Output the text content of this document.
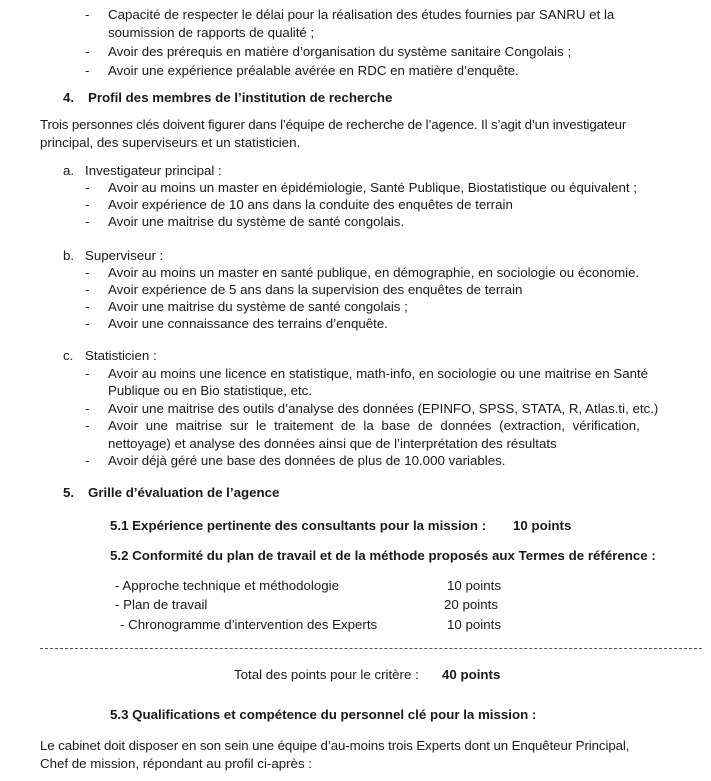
- Capacité de respecter le délai pour la réalisation des études fournies par SANRU et la
soumission de rapports de qualité ;
- Avoir des prérequis en matière d’organisation du système sanitaire Congolais ;
- Avoir une expérience préalable avérée en RDC en matière d’enquête.
4. Profil des membres de l’institution de recherche
Trois personnes clés doivent figurer dans l’équipe de recherche de l’agence. Il s’agit d’un investigateur
principal, des superviseurs et un statisticien.
a. Investigateur principal :
- Avoir au moins un master en épidémiologie, Santé Publique, Biostatistique ou équivalent ;
- Avoir expérience de 10 ans dans la conduite des enquêtes de terrain
- Avoir une maitrise du système de santé congolais.
b. Superviseur :
- Avoir au moins un master en santé publique, en démographie, en sociologie ou économie.
- Avoir expérience de 5 ans dans la supervision des enquêtes de terrain
- Avoir une maitrise du système de santé congolais ;
- Avoir une connaissance des terrains d’enquête.
c. Statisticien :
- Avoir au moins une licence en statistique, math-info, en sociologie ou une maitrise en Santé
Publique ou en Bio statistique, etc.
- Avoir une maitrise des outils d’analyse des données (EPINFO, SPSS, STATA, R, Atlas.ti, etc.)
- Avoir une maitrise sur le traitement de la base de données (extraction, vérification,
nettoyage) et analyse des données ainsi que de l’interprétation des résultats
- Avoir déjà géré une base des données de plus de 10.000 variables.
5. Grille d’évaluation de l’agence
5.1 Expérience pertinente des consultants pour la mission : 10 points
5.2 Conformité du plan de travail et de la méthode proposés aux Termes de référence :
- Approche technique et méthodologie	10 points
- Plan de travail	20 points
- Chronogramme d’intervention des Experts	10 points
Total des points pour le critère : 40 points
5.3 Qualifications et compétence du personnel clé pour la mission :
Le cabinet doit disposer en son sein une équipe d’au-moins trois Experts dont un Enquêteur Principal,
Chef de mission, répondant au profil ci-après :
